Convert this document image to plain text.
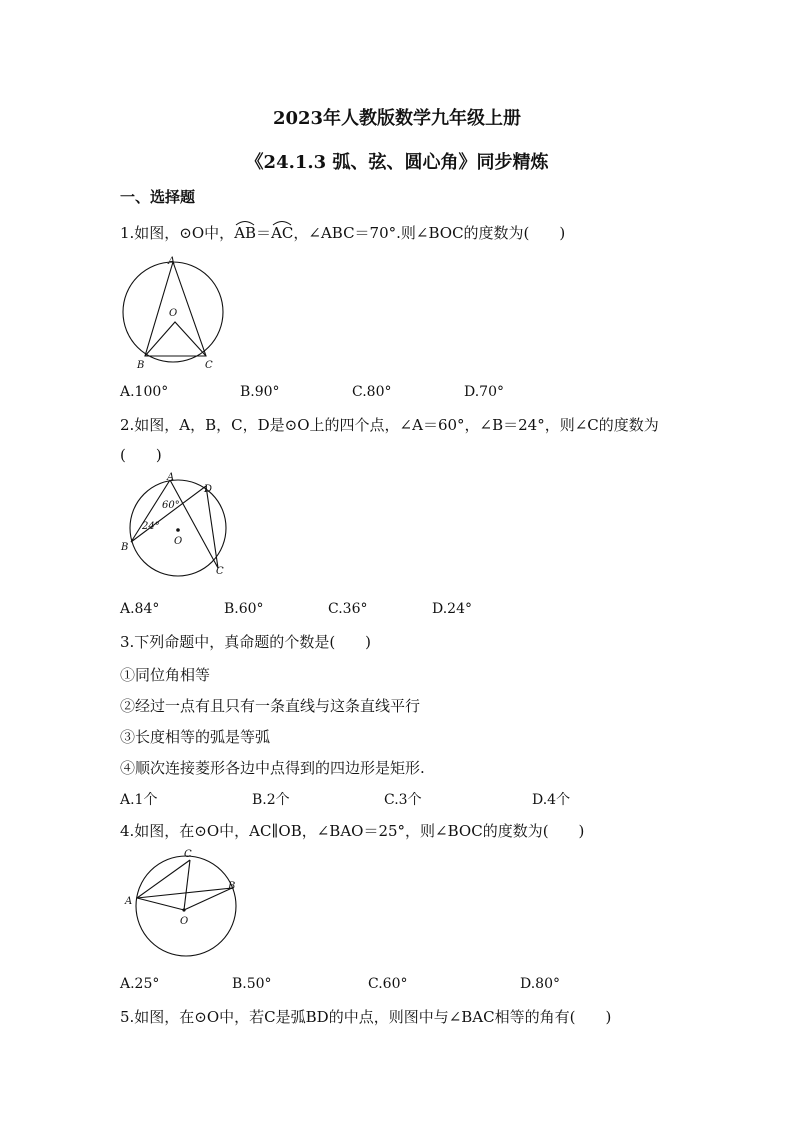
2023年人教版数学九年级上册
《24.1.3 弧、弦、圆心角》同步精炼
一、选择题
1.如图，⊙O中，
AB＝
AC，∠ABC＝70°.则∠BOC的度数为(　　)
A
O
B	C
A.100°	B.90°	C.80°	D.70°
2.如图，A，B，C，D是⊙O上的四个点，∠A＝60°，∠B＝24°，则∠C的度数为
(　　)
A
D
B
C
O
60°
24°
A.84°	B.60°	C.36°	D.24°
3.下列命题中，真命题的个数是(　　)
①同位角相等
②经过一点有且只有一条直线与这条直线平行
③长度相等的弧是等弧
④顺次连接菱形各边中点得到的四边形是矩形.
A.1个	B.2个	C.3个	D.4个
4.如图，在⊙O中，AC∥OB，∠BAO＝25°，则∠BOC的度数为(　　)
C
A
B
O
A.25°	B.50°	C.60°	D.80°
5.如图，在⊙O中，若C是弧BD的中点，则图中与∠BAC相等的角有(　　)
